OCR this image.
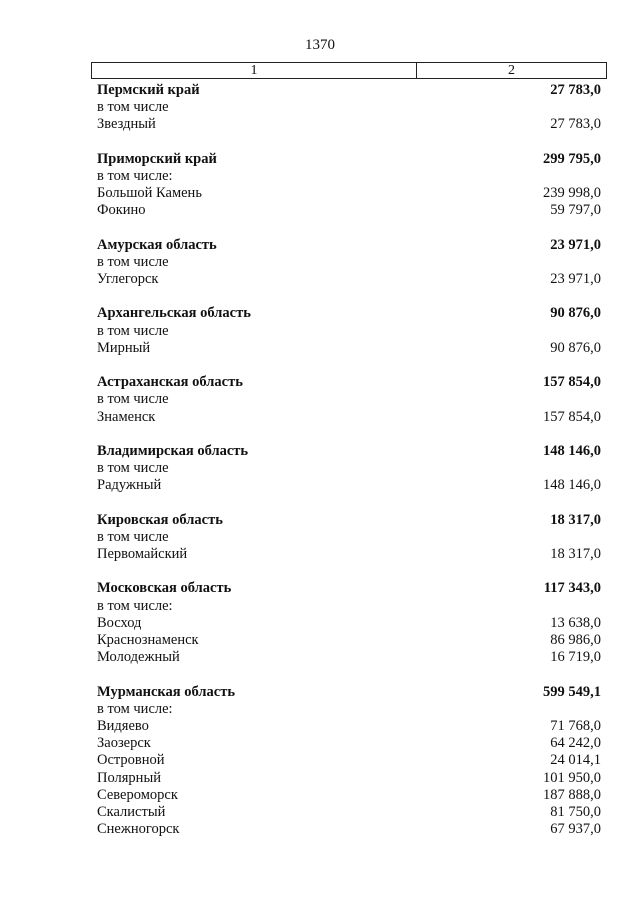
1370
1	2
Пермский край	27 783,0
в том числе
Звездный	27 783,0
Приморский край	299 795,0
в том числе:
Большой Камень	239 998,0
Фокино	59 797,0
Амурская область	23 971,0
в том числе
Углегорск	23 971,0
Архангельская область	90 876,0
в том числе
Мирный	90 876,0
Астраханская область	157 854,0
в том числе
Знаменск	157 854,0
Владимирская область	148 146,0
в том числе
Радужный	148 146,0
Кировская область	18 317,0
в том числе
Первомайский	18 317,0
Московская область	117 343,0
в том числе:
Восход	13 638,0
Краснознаменск	86 986,0
Молодежный	16 719,0
Мурманская область	599 549,1
в том числе:
Видяево	71 768,0
Заозерск	64 242,0
Островной	24 014,1
Полярный	101 950,0
Североморск	187 888,0
Скалистый	81 750,0
Снежногорск	67 937,0
